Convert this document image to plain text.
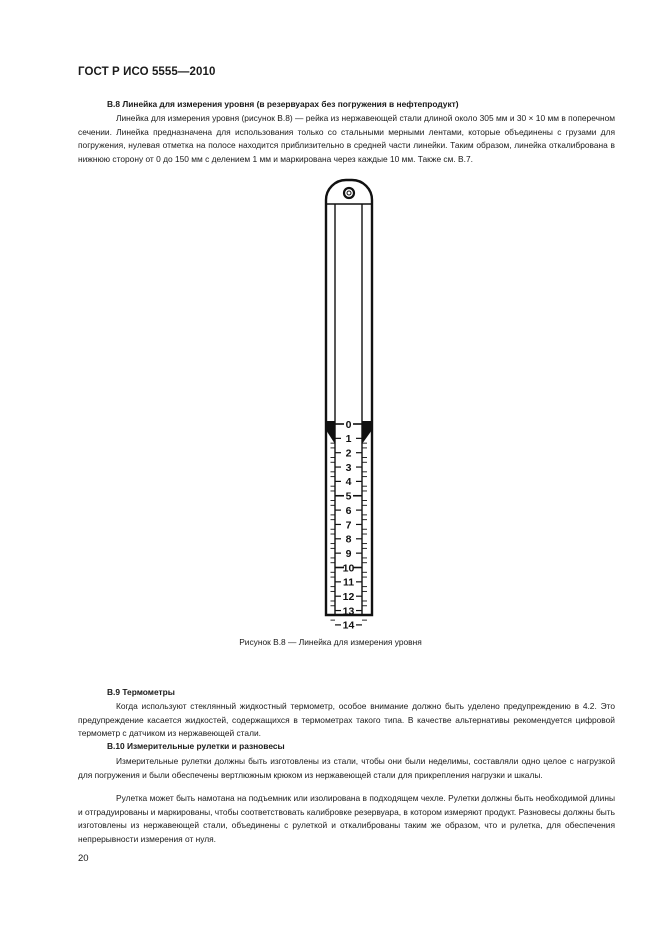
ГОСТ Р ИСО 5555—2010
B.8 Линейка для измерения уровня (в резервуарах без погружения в нефтепродукт)

Линейка для измерения уровня (рисунок В.8) — рейка из нержавеющей стали длиной около 305 мм и 30 × 10 мм в поперечном сечении. Линейка предназначена для использования только со стальными мерными лентами, которые объединены с грузами для погружения, нулевая отметка на полосе находится приблизительно в средней части линейки. Таким образом, линейка откалибрована в нижнюю сторону от 0 до 150 мм с делением 1 мм и маркирована через каждые 10 мм. Также см. В.7.

0
1
2
3
4
5
6
7
8
9
10
11
12
13
14
Рисунок В.8 — Линейка для измерения уровня
B.9 Термометры

Когда используют стеклянный жидкостный термометр, особое внимание должно быть уделено предупреждению в 4.2. Это предупреждение касается жидкостей, содержащихся в термометрах такого типа. В качестве альтернативы рекомендуется цифровой термометр с датчиком из нержавеющей стали.

B.10 Измерительные рулетки и разновесы

Измерительные рулетки должны быть изготовлены из стали, чтобы они были неделимы, составляли одно целое с нагрузкой для погружения и были обеспечены вертлюжным крюком из нержавеющей стали для прикрепления нагрузки и шкалы.

Рулетка может быть намотана на подъемник или изолирована в подходящем чехле. Рулетки должны быть необходимой длины и отградуированы и маркированы, чтобы соответствовать калибровке резервуара, в котором измеряют продукт. Разновесы должны быть изготовлены из нержавеющей стали, объединены с рулеткой и откалиброваны таким же образом, что и рулетка, для обеспечения непрерывности измерения от нуля.

20
